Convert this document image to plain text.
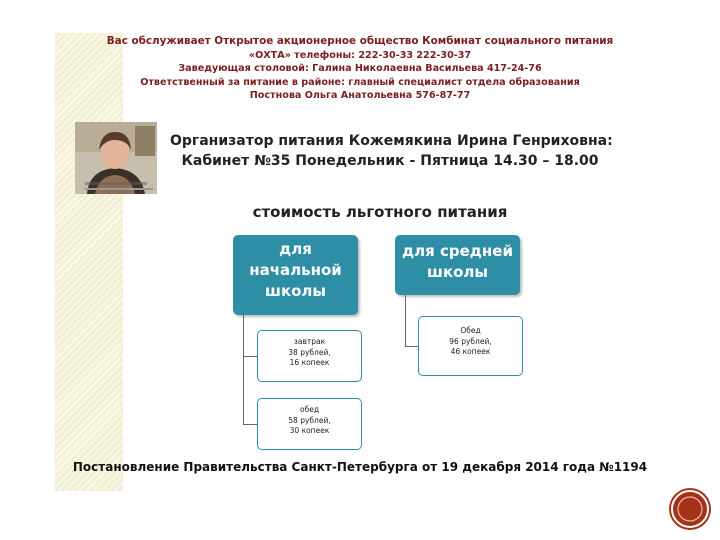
Вас обслуживает Открытое акционерное общество Комбинат социального питания
«ОХТА» телефоны: 222-30-33 222-30-37
Заведующая столовой: Галина Николаевна Васильева 417-24-76
Ответственный за питание в районе: главный специалист отдела образования
Постнова Ольга Анатольевна 576-87-77
Организатор питания Кожемякина Ирина Генриховна:
Кабинет №35 Понедельник - Пятница 14.30 – 18.00
стоимость льготного питания
для
начальной
школы
для средней
школы
завтрак
38 рублей,
16 копеек
обед
58 рублей,
30 копеек
Обед
96 рублей,
46 копеек
Постановление Правительства Санкт-Петербурга от 19 декабря 2014 года №1194
